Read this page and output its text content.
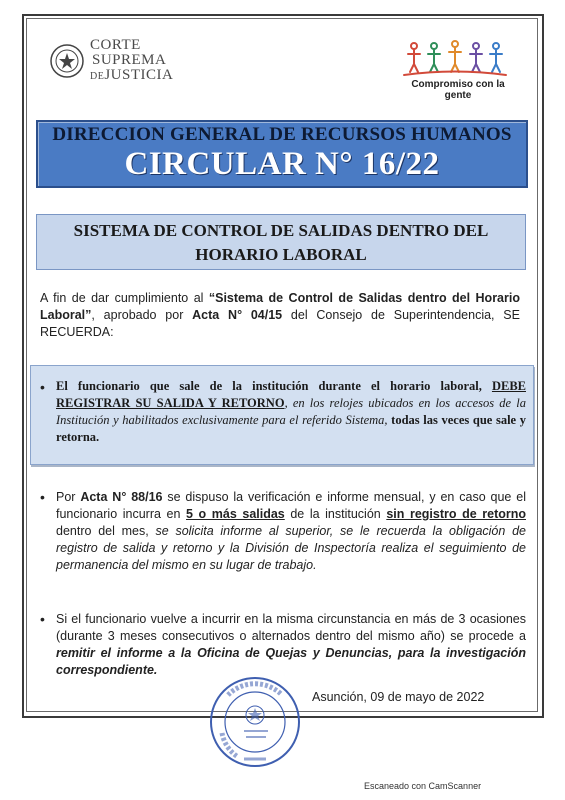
CORTE
SUPREMA
DEJUSTICIA
Compromiso con la gente
DIRECCION GENERAL DE RECURSOS HUMANOS
CIRCULAR N° 16/22
SISTEMA DE CONTROL DE SALIDAS DENTRO DEL
HORARIO LABORAL
A fin de dar cumplimiento al “Sistema de Control de Salidas dentro del Horario Laboral”, aprobado por Acta N° 04/15 del Consejo de Superintendencia, SE RECUERDA:
• El funcionario que sale de la institución durante el horario laboral, DEBE REGISTRAR SU SALIDA Y RETORNO, en los relojes ubicados en los accesos de la Institución y habilitados exclusivamente para el referido Sistema, todas las veces que sale y retorna.
• Por Acta N° 88/16 se dispuso la verificación e informe mensual, y en caso que el funcionario incurra en 5 o más salidas de la institución sin registro de retorno dentro del mes, se solicita informe al superior, se le recuerda la obligación de registro de salida y retorno y la División de Inspectoría realiza el seguimiento de permanencia del mismo en su lugar de trabajo.
• Si el funcionario vuelve a incurrir en la misma circunstancia en más de 3 ocasiones (durante 3 meses consecutivos o alternados dentro del mismo año) se procede a remitir el informe a la Oficina de Quejas y Denuncias, para la investigación correspondiente.
Asunción, 09 de mayo de 2022
Escaneado con CamScanner
